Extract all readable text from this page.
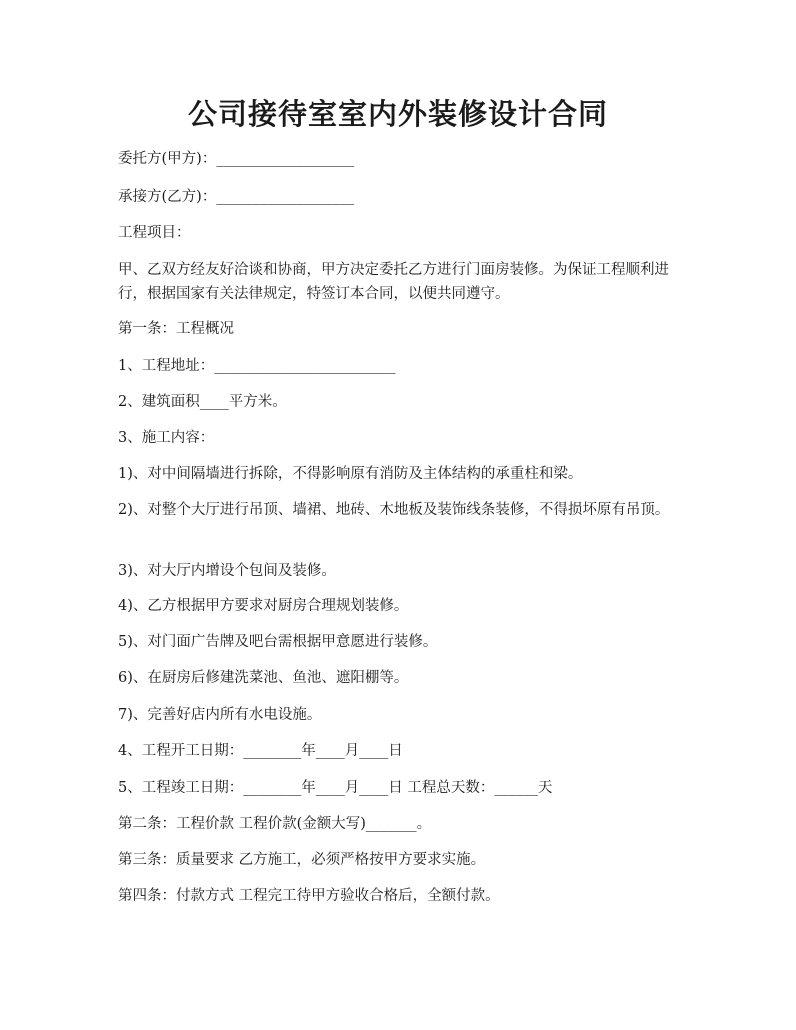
公司接待室室内外装修设计合同
委托方(甲方)：___________________
承接方(乙方)：___________________
工程项目：
甲、乙双方经友好洽谈和协商，甲方决定委托乙方进行门面房装修。为保证工程顺利进行，根据国家有关法律规定，特签订本合同，以便共同遵守。
第一条：工程概况
1、工程地址：_________________________
2、建筑面积____平方米。
3、施工内容：
1)、对中间隔墙进行拆除，不得影响原有消防及主体结构的承重柱和梁。
2)、对整个大厅进行吊顶、墙裙、地砖、木地板及装饰线条装修，不得损坏原有吊顶。
3)、对大厅内增设个包间及装修。
4)、乙方根据甲方要求对厨房合理规划装修。
5)、对门面广告牌及吧台需根据甲意愿进行装修。
6)、在厨房后修建洗菜池、鱼池、遮阳棚等。
7)、完善好店内所有水电设施。
4、工程开工日期：________年____月____日
5、工程竣工日期：________年____月____日 工程总天数：______天
第二条：工程价款 工程价款(金额大写)_______。
第三条：质量要求 乙方施工，必须严格按甲方要求实施。
第四条：付款方式 工程完工待甲方验收合格后，全额付款。
